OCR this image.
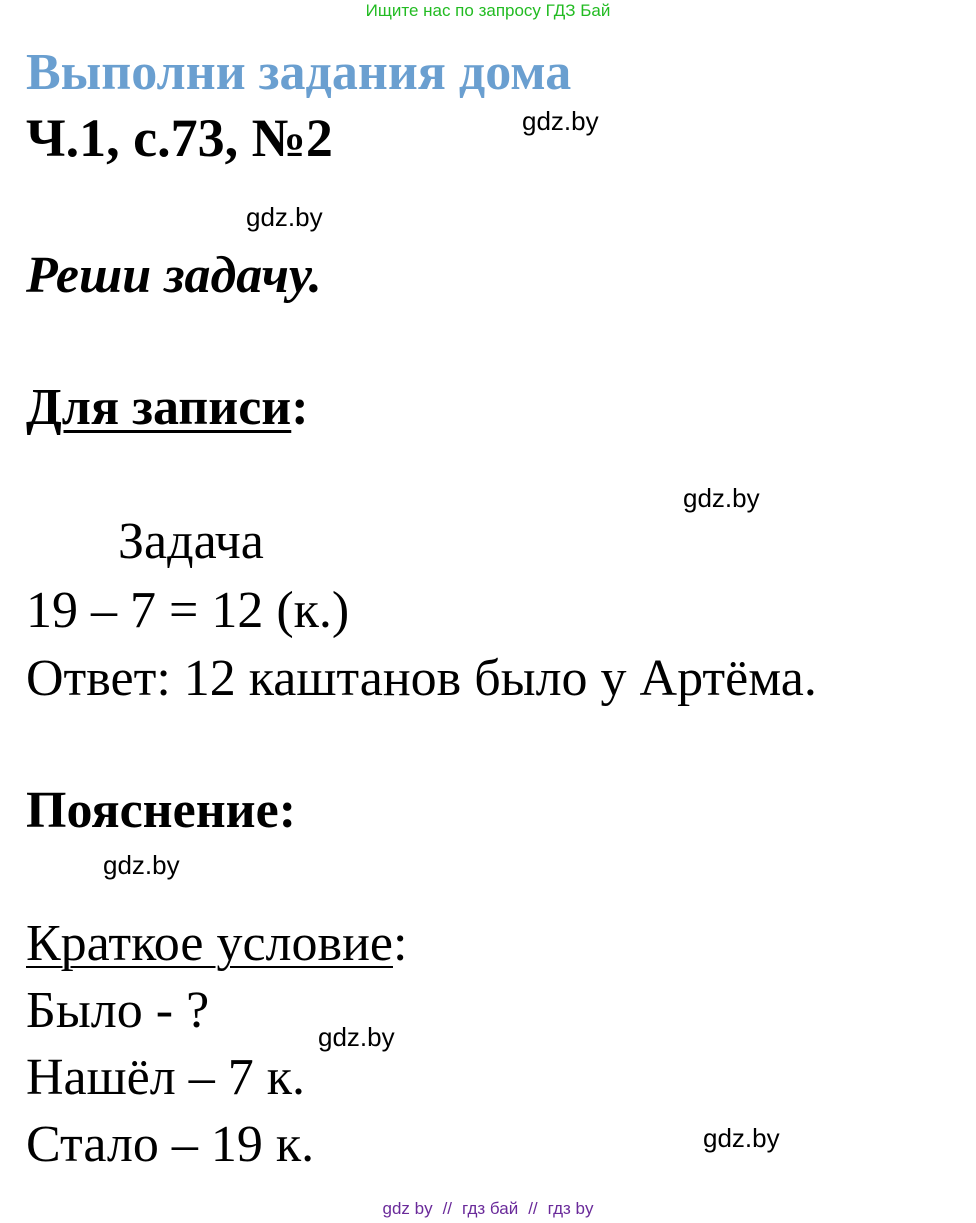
Ищите нас по запросу ГДЗ Бай
Выполни задания дома
Ч.1, с.73, №2	gdz.by
gdz.by
Реши задачу.
Для записи:
gdz.by
Задача
19 – 7 = 12 (к.)
Ответ: 12 каштанов было у Артёма.
Пояснение:
gdz.by
Краткое условие:
Было - ?	gdz.by
Нашёл – 7 к.
Стало – 19 к.	gdz.by
gdz by // гдз бай // гдз by
